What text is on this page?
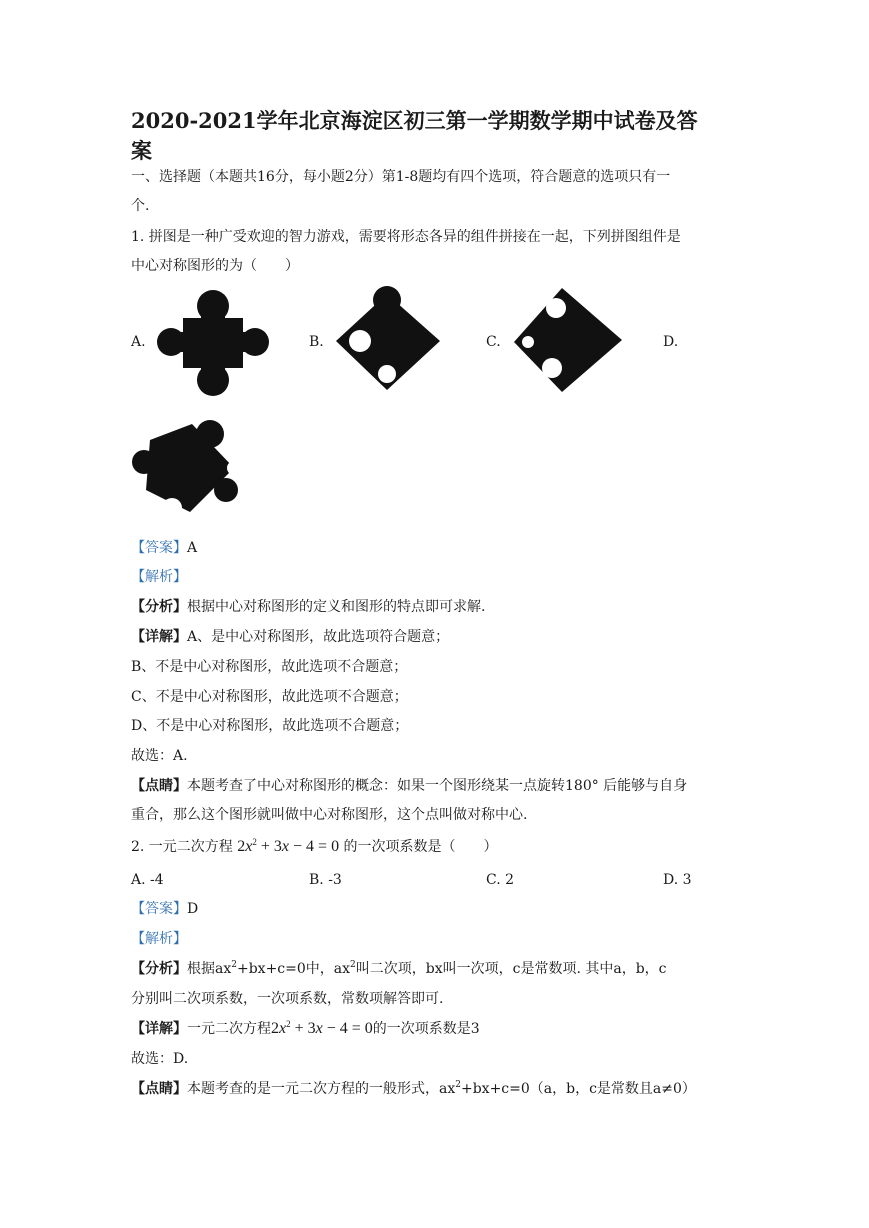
2020-2021学年北京海淀区初三第一学期数学期中试卷及答
案
一、选择题（本题共16分，每小题2分）第1-8题均有四个选项，符合题意的选项只有一
个.
1. 拼图是一种广受欢迎的智力游戏，需要将形态各异的组件拼接在一起，下列拼图组件是
中心对称图形的为（　　）
A.	B.	C.	D.
【答案】A
【解析】
【分析】根据中心对称图形的定义和图形的特点即可求解.
【详解】A、是中心对称图形，故此选项符合题意；
B、不是中心对称图形，故此选项不合题意；
C、不是中心对称图形，故此选项不合题意；
D、不是中心对称图形，故此选项不合题意；
故选：A.
【点睛】本题考查了中心对称图形的概念：如果一个图形绕某一点旋转180° 后能够与自身
重合，那么这个图形就叫做中心对称图形，这个点叫做对称中心.
2. 一元二次方程 $2x^2 + 3x - 4 = 0$ 的一次项系数是（　　）
A. -4	B. -3	C. 2	D. 3
【答案】D
【解析】
【分析】根据$ax^2+bx+c=0$中，$ax^2$叫二次项，bx叫一次项，c是常数项. 其中a，b，c
分别叫二次项系数，一次项系数，常数项解答即可.
【详解】一元二次方程$2x^2 + 3x - 4 = 0$的一次项系数是3
故选：D.
【点睛】本题考查的是一元二次方程的一般形式，$ax^2+bx+c=0(a$，b，c是常数且a≠0）
